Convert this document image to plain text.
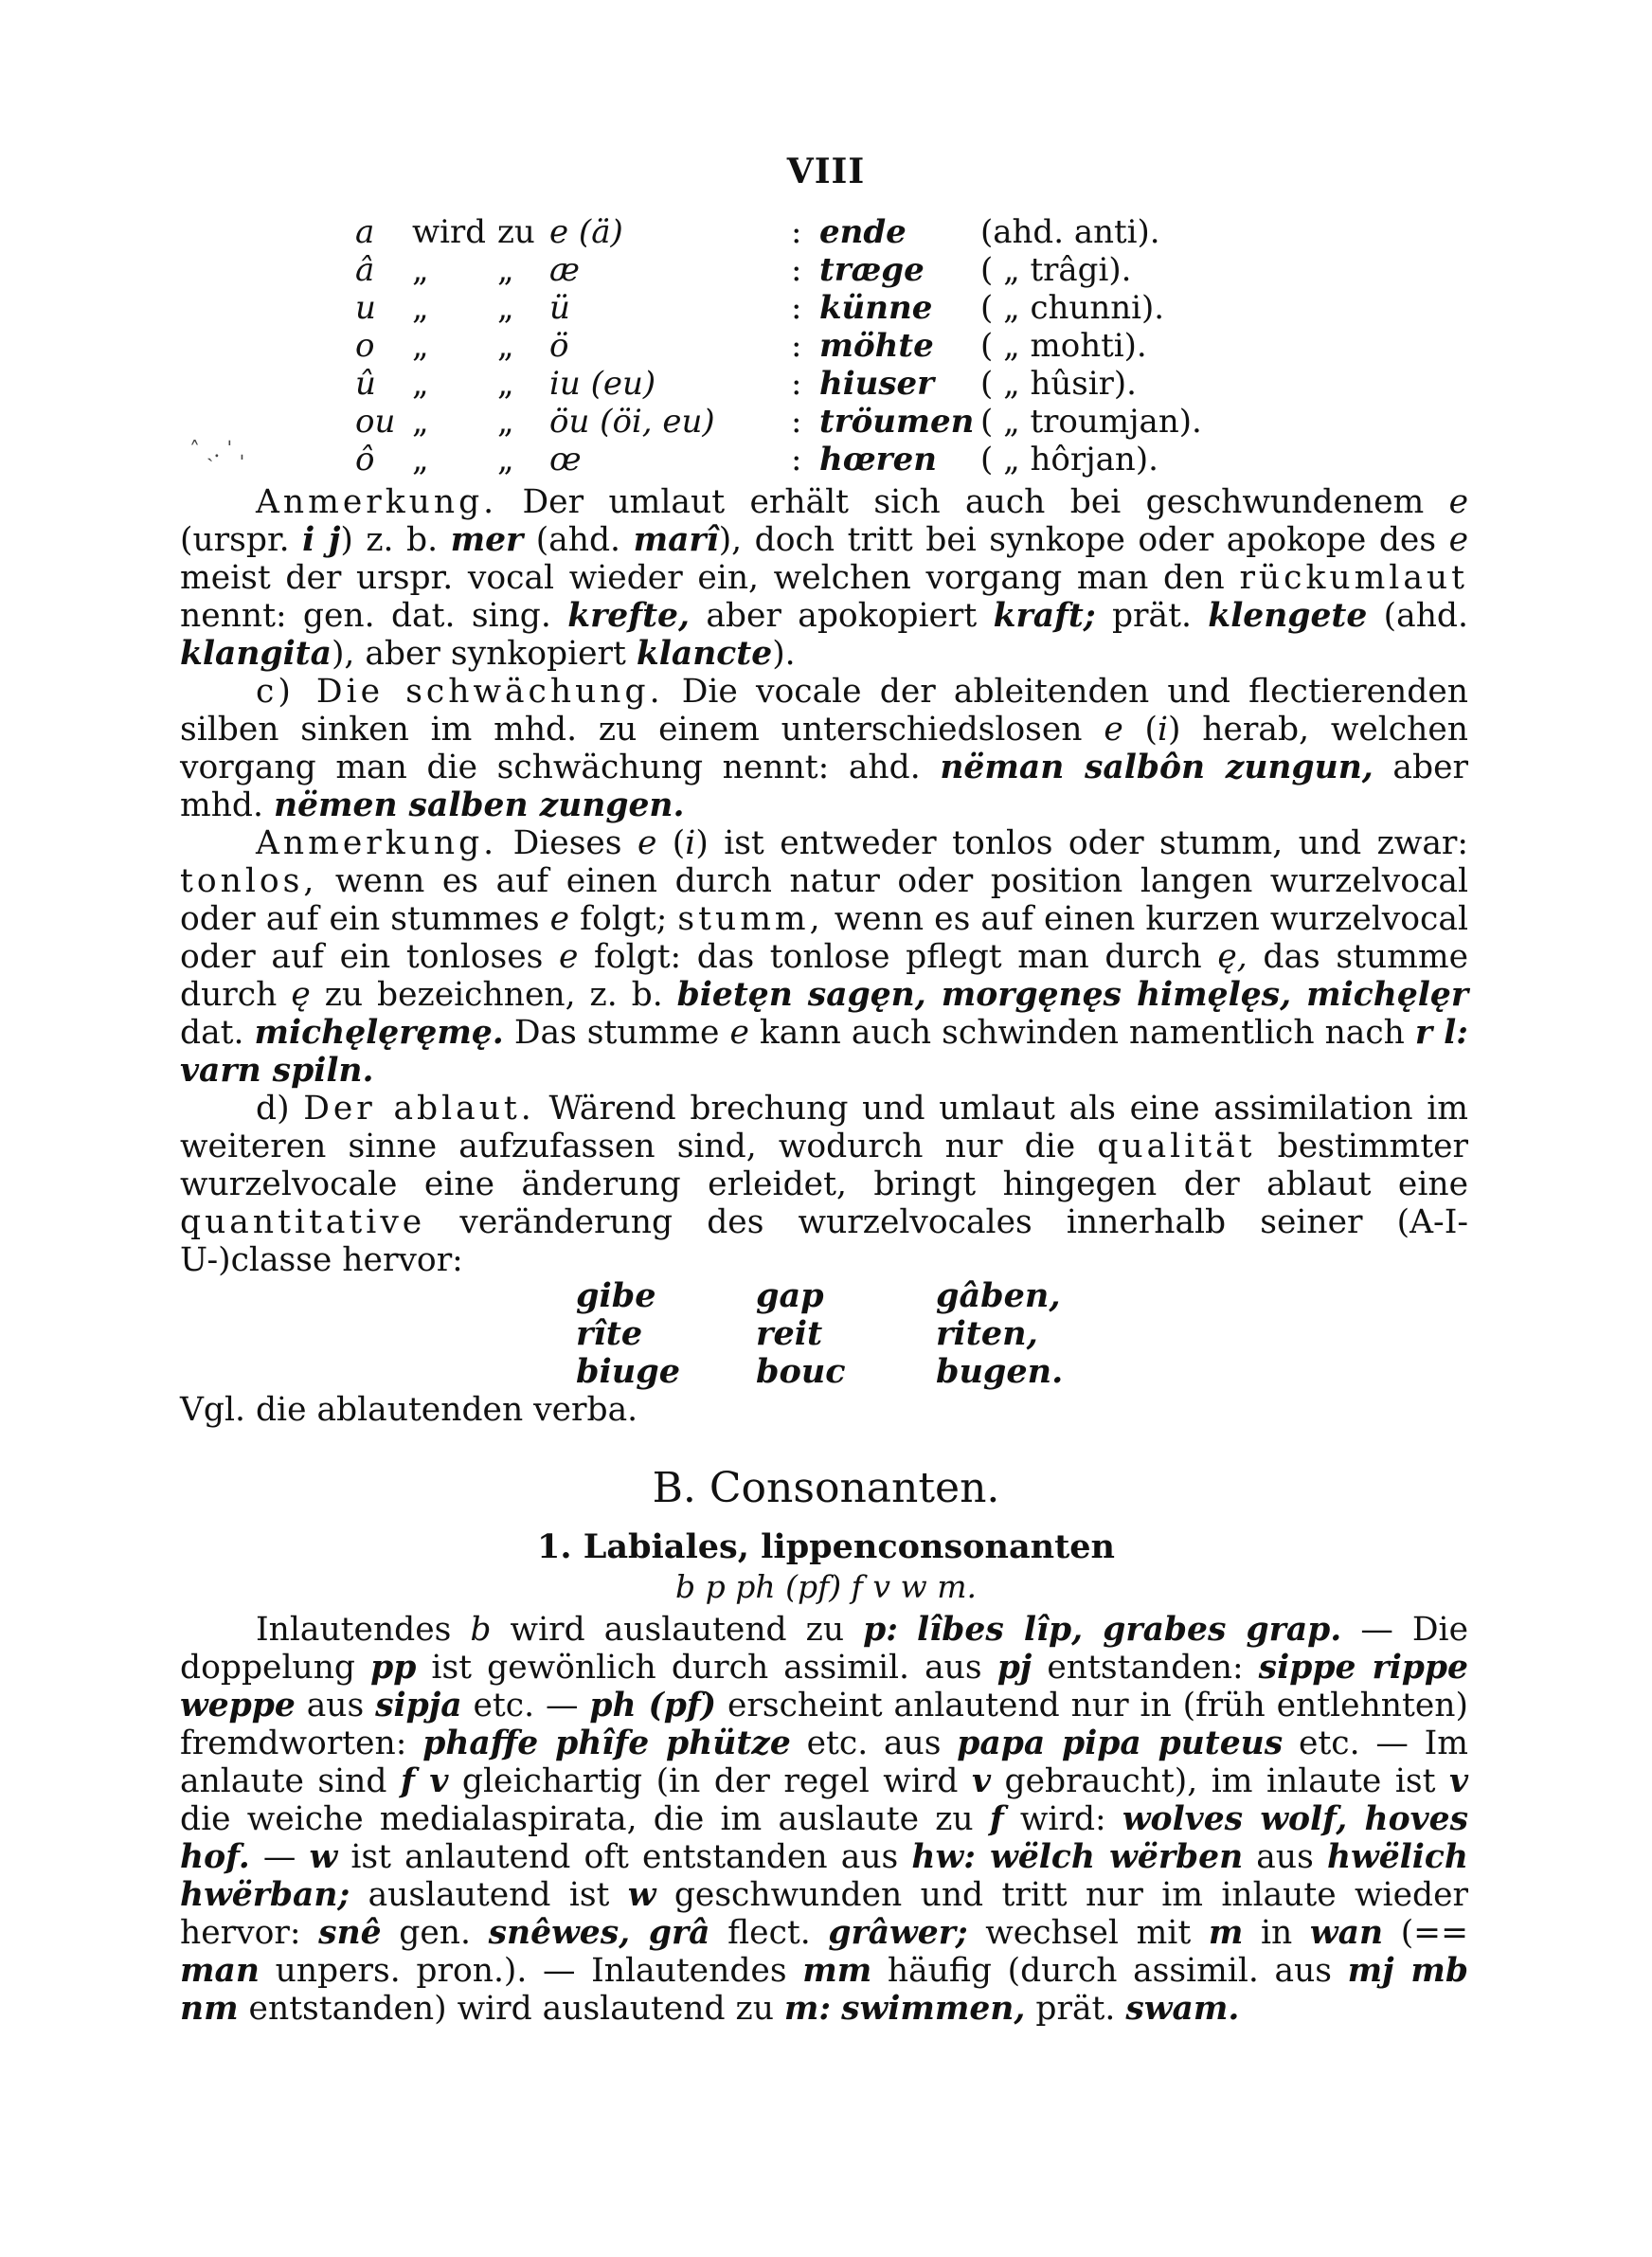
VIII
a	wird	zu	e (ä)	:	ende	(ahd. anti).
â	„	„	æ	:	træge	( „ trâgi).
u	„	„	ü	:	künne	( „ chunni).
o	„	„	ö	:	möhte	( „ mohti).
û	„	„	iu (eu)	:	hiuser	( „ hûsir).
ou	„	„	öu (öi, eu)	:	tröumen	( „ troumjan).
ô	„	„	œ	:	hœren	( „ hôrjan).
˄ ˏ. ˈ ˌ

Anmerkung. Der umlaut erhält sich auch bei geschwundenem e (urspr. i j) z. b. mer (ahd. marî), doch tritt bei synkope oder apokope des e meist der urspr. vocal wieder ein, welchen vorgang man den rückumlaut nennt: gen. dat. sing. krefte, aber apokopiert kraft; prät. klengete (ahd. klangita), aber synkopiert klancte).

c) Die schwächung. Die vocale der ableitenden und flectierenden silben sinken im mhd. zu einem unterschiedslosen e (i) herab, welchen vorgang man die schwächung nennt: ahd. nëman salbôn zungun, aber mhd. nëmen salben zungen.

Anmerkung. Dieses e (i) ist entweder tonlos oder stumm, und zwar: tonlos, wenn es auf einen durch natur oder position langen wurzelvocal oder auf ein stummes e folgt; stumm, wenn es auf einen kurzen wurzelvocal oder auf ein tonloses e folgt: das tonlose pflegt man durch ę, das stumme durch ę zu bezeichnen, z. b. bietęn sagęn, morgęnęs himęlęs, michęlęr dat. michęlęręmę. Das stumme e kann auch schwinden namentlich nach r l: varn spiln.

d) Der ablaut. Wärend brechung und umlaut als eine assimilation im weiteren sinne aufzufassen sind, wodurch nur die qualität bestimmter wurzelvocale eine änderung erleidet, bringt hingegen der ablaut eine quantitative veränderung des wurzelvocales innerhalb seiner (A-I- U-)classe hervor:

gibe	gap	gâben,
rîte	reit	riten,
biuge	bouc	bugen.
Vgl. die ablautenden verba.
B. Consonanten.
1. Labiales, lippenconsonanten
b p ph (pf) f v w m.

Inlautendes b wird auslautend zu p: lîbes lîp, grabes grap. — Die doppelung pp ist gewönlich durch assimil. aus pj entstanden: sippe rippe weppe aus sipja etc. — ph (pf) erscheint anlautend nur in (früh entlehnten) fremdworten: phaffe phîfe phütze etc. aus papa pipa puteus etc. — Im anlaute sind f v gleichartig (in der regel wird v gebraucht), im inlaute ist v die weiche medialaspirata, die im auslaute zu f wird: wolves wolf, hoves hof. — w ist anlautend oft entstanden aus hw: wëlch wërben aus hwëlich hwërban; auslautend ist w geschwunden und tritt nur im inlaute wieder hervor: snê gen. snêwes, grâ flect. grâwer; wechsel mit m in wan (== man unpers. pron.). — Inlautendes mm häufig (durch assimil. aus mj mb nm entstanden) wird auslautend zu m: swimmen, prät. swam.
